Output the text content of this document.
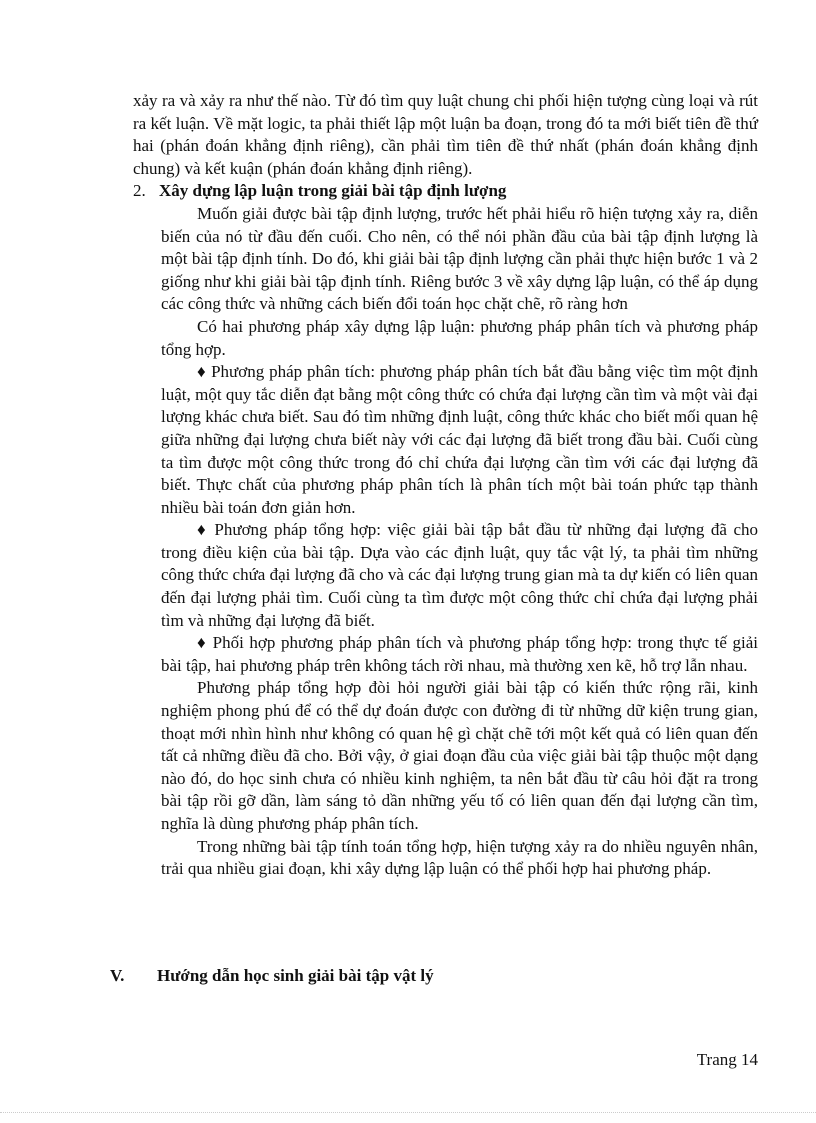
xảy ra và xảy ra như thế nào. Từ đó tìm quy luật chung chi phối hiện tượng cùng loại và rút ra kết luận. Về mặt logic, ta phải thiết lập một luận ba đoạn, trong đó ta mới biết tiên đề thứ hai (phán đoán khẳng định riêng), cần phải tìm tiên đề thứ nhất (phán đoán khẳng định chung) và kết kuận (phán đoán khẳng định riêng).

2. Xây dựng lập luận trong giải bài tập định lượng

Muốn giải được bài tập định lượng, trước hết phải hiểu rõ hiện tượng xảy ra, diễn biến của nó từ đầu đến cuối. Cho nên, có thể nói phần đầu của bài tập định lượng là một bài tập định tính. Do đó, khi giải bài tập định lượng cần phải thực hiện bước 1 và 2 giống như khi giải bài tập định tính. Riêng bước 3 về xây dựng lập luận, có thể áp dụng các công thức và những cách biến đổi toán học chặt chẽ, rõ ràng hơn

Có hai phương pháp xây dựng lập luận: phương pháp phân tích và phương pháp tổng hợp.

♦ Phương pháp phân tích: phương pháp phân tích bắt đầu bằng việc tìm một định luật, một quy tắc diễn đạt bằng một công thức có chứa đại lượng cần tìm và một vài đại lượng khác chưa biết. Sau đó tìm những định luật, công thức khác cho biết mối quan hệ giữa những đại lượng chưa biết này với các đại lượng đã biết trong đầu bài. Cuối cùng ta tìm được một công thức trong đó chỉ chứa đại lượng cần tìm với các đại lượng đã biết. Thực chất của phương pháp phân tích là phân tích một bài toán phức tạp thành nhiều bài toán đơn giản hơn.

♦ Phương pháp tổng hợp: việc giải bài tập bắt đầu từ những đại lượng đã cho trong điều kiện của bài tập. Dựa vào các định luật, quy tắc vật lý, ta phải tìm những công thức chứa đại lượng đã cho và các đại lượng trung gian mà ta dự kiến có liên quan đến đại lượng phải tìm. Cuối cùng ta tìm được một công thức chỉ chứa đại lượng phải tìm và những đại lượng đã biết.

♦ Phối hợp phương pháp phân tích và phương pháp tổng hợp: trong thực tế giải bài tập, hai phương pháp trên không tách rời nhau, mà thường xen kẽ, hỗ trợ lẫn nhau.

Phương pháp tổng hợp đòi hỏi người giải bài tập có kiến thức rộng rãi, kinh nghiệm phong phú để có thể dự đoán được con đường đi từ những dữ kiện trung gian, thoạt mới nhìn hình như không có quan hệ gì chặt chẽ tới một kết quả có liên quan đến tất cả những điều đã cho. Bởi vậy, ở giai đoạn đầu của việc giải bài tập thuộc một dạng nào đó, do học sinh chưa có nhiều kinh nghiệm, ta nên bắt đầu từ câu hỏi đặt ra trong bài tập rồi gỡ dần, làm sáng tỏ dần những yếu tố có liên quan đến đại lượng cần tìm, nghĩa là dùng phương pháp phân tích.

Trong những bài tập tính toán tổng hợp, hiện tượng xảy ra do nhiều nguyên nhân, trải qua nhiều giai đoạn, khi xây dựng lập luận có thể phối hợp hai phương pháp.

V. Hướng dẫn học sinh giải bài tập vật lý
Trang 14
